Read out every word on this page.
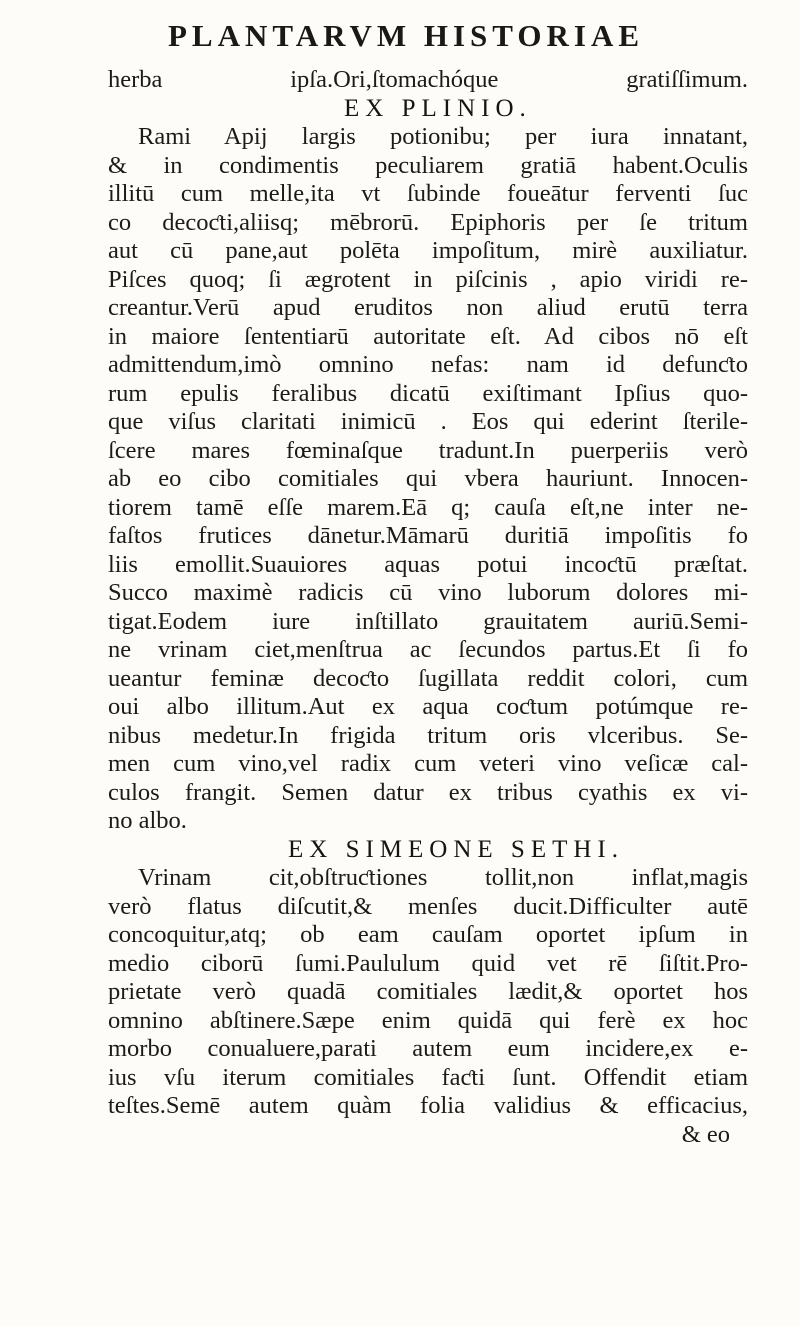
PLANTARVM HISTORIAE
herba ipſa.Ori,ſtomachóque gratiſſimum.
EX PLINIO.
Rami Apij largis potionibu; per iura innatant,
& in condimentis peculiarem gratiā habent.Oculis
illitū cum melle,ita vt ſubinde foueātur ferventi ſuc
co decoƈti,aliisq; mēbrorū. Epiphoris per ſe tritum
aut cū pane,aut polēta impoſitum, mirè auxiliatur.
Piſces quoq; ſi ægrotent in piſcinis , apio viridi re-
creantur.Verū apud eruditos non aliud erutū terra
in maiore ſententiarū autoritate eſt. Ad cibos nō eſt
admittendum,imò omnino nefas: nam id defunƈto
rum epulis feralibus dicatū exiſtimant Ipſius quo-
que viſus claritati inimicū . Eos qui ederint ſterile-
ſcere mares fœminaſque tradunt.In puerperiis verò
ab eo cibo comitiales qui vbera hauriunt. Innocen-
tiorem tamē eſſe marem.Eā q; cauſa eſt,ne inter ne-
faſtos frutices dānetur.Māmarū duritiā impoſitis fo
liis emollit.Suauiores aquas potui incoƈtū præſtat.
Succo maximè radicis cū vino luborum dolores mi-
tigat.Eodem iure inſtillato grauitatem auriū.Semi-
ne vrinam ciet,menſtrua ac ſecundos partus.Et ſi fo
ueantur feminæ decoƈto ſugillata reddit colori, cum
oui albo illitum.Aut ex aqua coƈtum potúmque re-
nibus medetur.In frigida tritum oris vlceribus. Se-
men cum vino,vel radix cum veteri vino veſicæ cal-
culos frangit. Semen datur ex tribus cyathis ex vi-
no albo.
EX SIMEONE SETHI.
Vrinam cit,obſtruƈtiones tollit,non inflat,magis
verò flatus diſcutit,& menſes ducit.Difficulter autē
concoquitur,atq; ob eam cauſam oportet ipſum in
medio ciborū ſumi.Paululum quid vet rē ſiſtit.Pro-
prietate verò quadā comitiales lædit,& oportet hos
omnino abſtinere.Sæpe enim quidā qui ferè ex hoc
morbo conualuere,parati autem eum incidere,ex e-
ius vſu iterum comitiales faƈti ſunt. Offendit etiam
teſtes.Semē autem quàm folia validius & efficacius,
& eo
